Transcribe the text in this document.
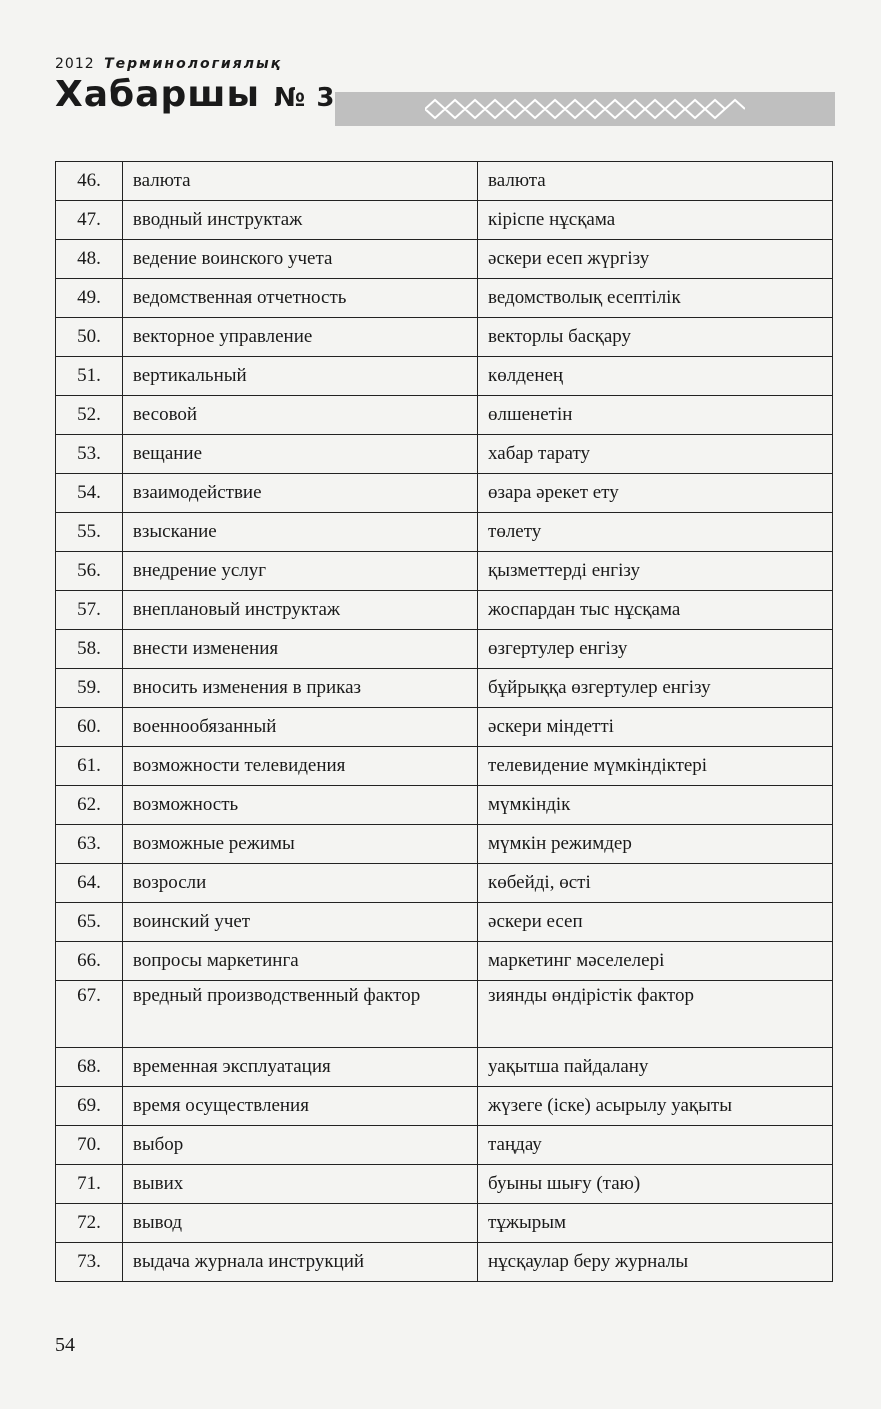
2012 Терминологиялық
Хабаршы № 3
46.	валюта	валюта
47.	вводный инструктаж	кіріспе нұсқама
48.	ведение воинского учета	әскери есеп жүргізу
49.	ведомственная отчетность	ведомстволық есептілік
50.	векторное управление	векторлы басқару
51.	вертикальный	көлденең
52.	весовой	өлшенетін
53.	вещание	хабар тарату
54.	взаимодействие	өзара әрекет ету
55.	взыскание	төлету
56.	внедрение услуг	қызметтерді енгізу
57.	внеплановый инструктаж	жоспардан тыс нұсқама
58.	внести изменения	өзгертулер енгізу
59.	вносить изменения в приказ	бұйрыққа өзгертулер енгізу
60.	военнообязанный	әскери міндетті
61.	возможности телевидения	телевидение мүмкіндіктері
62.	возможность	мүмкіндік
63.	возможные режимы	мүмкін режимдер
64.	возросли	көбейді, өсті
65.	воинский учет	әскери есеп
66.	вопросы маркетинга	маркетинг мәселелері
67.	вредный производственный фактор	зиянды өндірістік фактор
68.	временная эксплуатация	уақытша пайдалану
69.	время осуществления	жүзеге (іске) асырылу уақыты
70.	выбор	таңдау
71.	вывих	буыны шығу (таю)
72.	вывод	тұжырым
73.	выдача журнала инструкций	нұсқаулар беру журналы
54
